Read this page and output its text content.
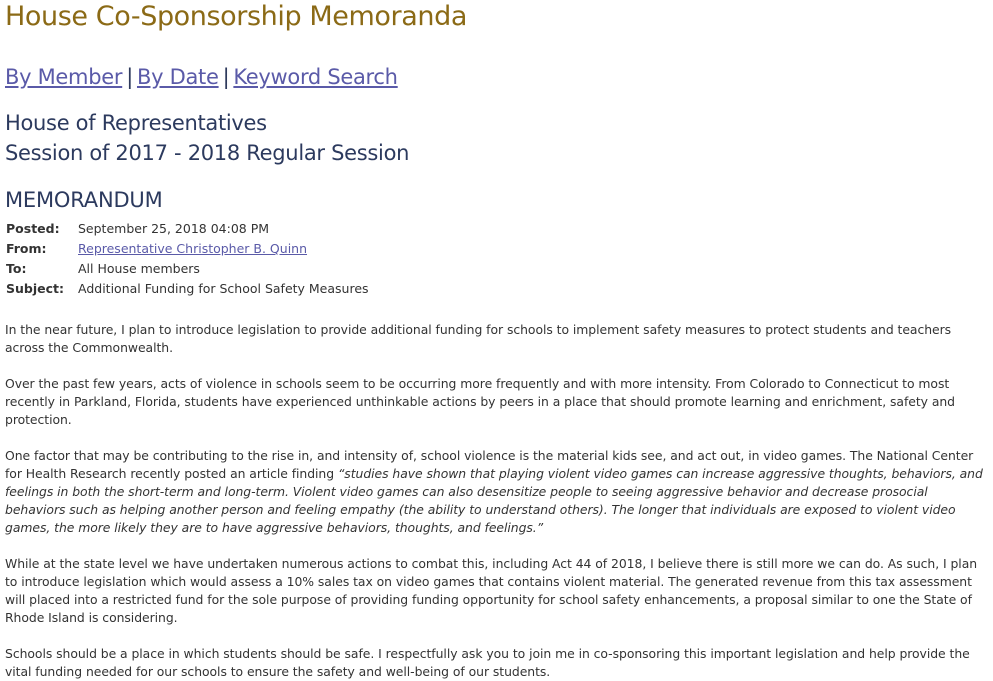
House Co-Sponsorship Memoranda
By Member | By Date | Keyword Search
House of Representatives
Session of 2017 - 2018 Regular Session
MEMORANDUM
Posted:	September 25, 2018 04:08 PM
From:	Representative Christopher B. Quinn
To:	All House members
Subject:	Additional Funding for School Safety Measures

In the near future, I plan to introduce legislation to provide additional funding for schools to implement safety measures to protect students and teachers across the Commonwealth.

Over the past few years, acts of violence in schools seem to be occurring more frequently and with more intensity. From Colorado to Connecticut to most recently in Parkland, Florida, students have experienced unthinkable actions by peers in a place that should promote learning and enrichment, safety and protection.

One factor that may be contributing to the rise in, and intensity of, school violence is the material kids see, and act out, in video games. The National Center for Health Research recently posted an article finding “studies have shown that playing violent video games can increase aggressive thoughts, behaviors, and feelings in both the short-term and long-term. Violent video games can also desensitize people to seeing aggressive behavior and decrease prosocial behaviors such as helping another person and feeling empathy (the ability to understand others). The longer that individuals are exposed to violent video games, the more likely they are to have aggressive behaviors, thoughts, and feelings.”

While at the state level we have undertaken numerous actions to combat this, including Act 44 of 2018, I believe there is still more we can do. As such, I plan to introduce legislation which would assess a 10% sales tax on video games that contains violent material. The generated revenue from this tax assessment will placed into a restricted fund for the sole purpose of providing funding opportunity for school safety enhancements, a proposal similar to one the State of Rhode Island is considering.

Schools should be a place in which students should be safe. I respectfully ask you to join me in co-sponsoring this important legislation and help provide the vital funding needed for our schools to ensure the safety and well-being of our students.
